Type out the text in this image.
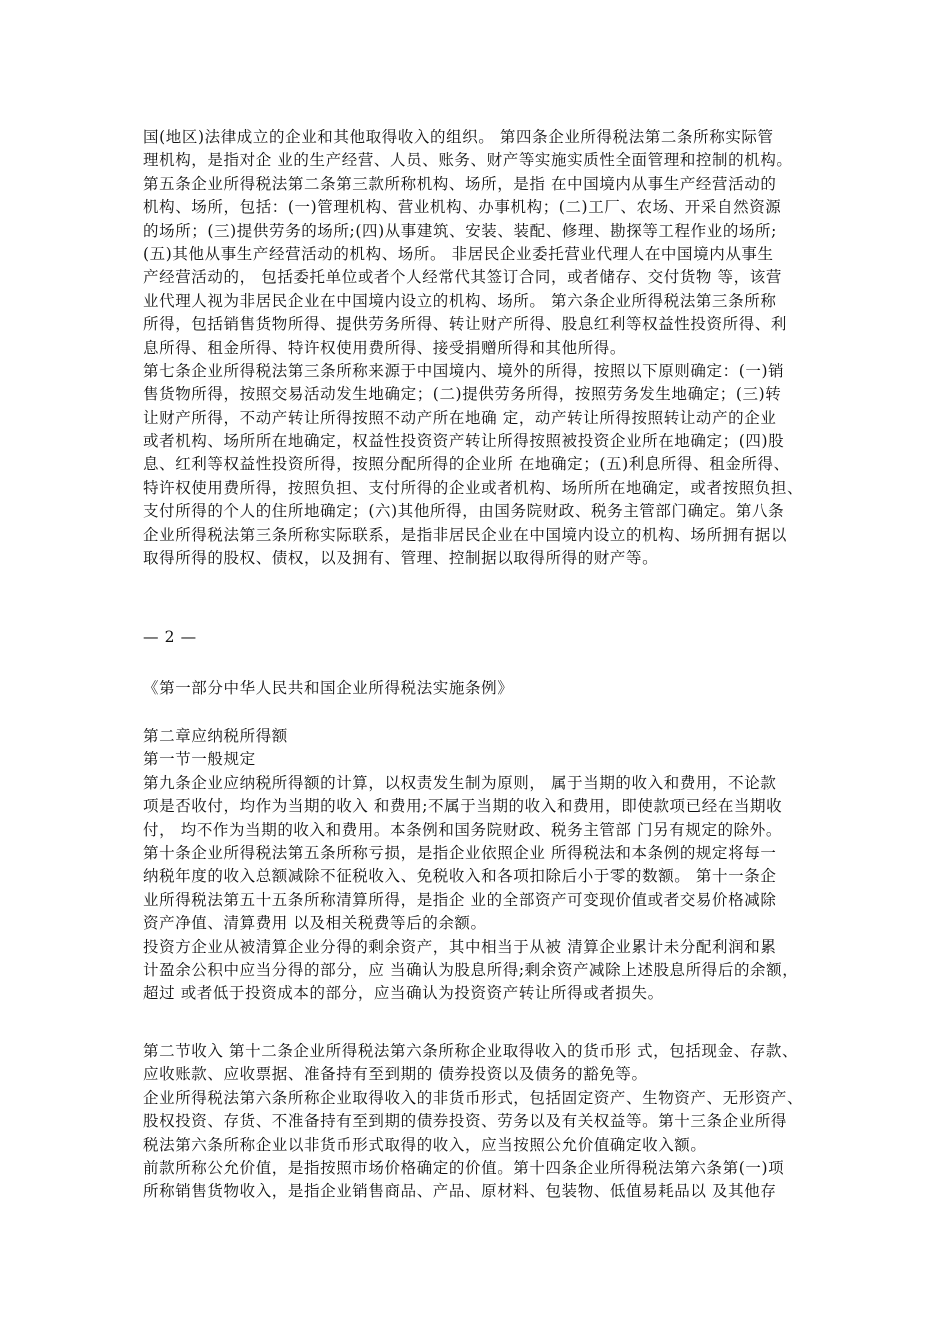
国(地区)法律成立的企业和其他取得收入的组织。 第四条企业所得税法第二条所称实际管
理机构，是指对企 业的生产经营、人员、账务、财产等实施实质性全面管理和控制的机构。
第五条企业所得税法第二条第三款所称机构、场所，是指 在中国境内从事生产经营活动的
机构、场所，包括：(一)管理机构、营业机构、办事机构；(二)工厂、农场、开采自然资源
的场所；(三)提供劳务的场所;(四)从事建筑、安装、装配、修理、勘探等工程作业的场所;
(五)其他从事生产经营活动的机构、场所。 非居民企业委托营业代理人在中国境内从事生
产经营活动的， 包括委托单位或者个人经常代其签订合同，或者储存、交付货物 等，该营
业代理人视为非居民企业在中国境内设立的机构、场所。 第六条企业所得税法第三条所称
所得，包括销售货物所得、提供劳务所得、转让财产所得、股息红利等权益性投资所得、利
息所得、租金所得、特许权使用费所得、接受捐赠所得和其他所得。
第七条企业所得税法第三条所称来源于中国境内、境外的所得，按照以下原则确定：(一)销
售货物所得，按照交易活动发生地确定；(二)提供劳务所得，按照劳务发生地确定；(三)转
让财产所得，不动产转让所得按照不动产所在地确 定，动产转让所得按照转让动产的企业
或者机构、场所所在地确定，权益性投资资产转让所得按照被投资企业所在地确定；(四)股
息、红利等权益性投资所得，按照分配所得的企业所 在地确定；(五)利息所得、租金所得、
特许权使用费所得，按照负担、支付所得的企业或者机构、场所所在地确定，或者按照负担、
支付所得的个人的住所地确定；(六)其他所得，由国务院财政、税务主管部门确定。第八条
企业所得税法第三条所称实际联系，是指非居民企业在中国境内设立的机构、场所拥有据以
取得所得的股权、债权，以及拥有、管理、控制据以取得所得的财产等。
— 2 —
《第一部分中华人民共和国企业所得税法实施条例》
第二章应纳税所得额
第一节一般规定
第九条企业应纳税所得额的计算，以权责发生制为原则， 属于当期的收入和费用，不论款
项是否收付，均作为当期的收入 和费用;不属于当期的收入和费用，即使款项已经在当期收
付， 均不作为当期的收入和费用。本条例和国务院财政、税务主管部 门另有规定的除外。
第十条企业所得税法第五条所称亏损，是指企业依照企业 所得税法和本条例的规定将每一
纳税年度的收入总额减除不征税收入、免税收入和各项扣除后小于零的数额。 第十一条企
业所得税法第五十五条所称清算所得，是指企 业的全部资产可变现价值或者交易价格减除
资产净值、清算费用 以及相关税费等后的余额。
投资方企业从被清算企业分得的剩余资产，其中相当于从被 清算企业累计未分配利润和累
计盈余公积中应当分得的部分，应 当确认为股息所得;剩余资产减除上述股息所得后的余额，
超过 或者低于投资成本的部分，应当确认为投资资产转让所得或者损失。
第二节收入 第十二条企业所得税法第六条所称企业取得收入的货币形 式，包括现金、存款、
应收账款、应收票据、准备持有至到期的 债券投资以及债务的豁免等。
企业所得税法第六条所称企业取得收入的非货币形式，包括固定资产、生物资产、无形资产、
股权投资、存货、不准备持有至到期的债券投资、劳务以及有关权益等。第十三条企业所得
税法第六条所称企业以非货币形式取得的收入，应当按照公允价值确定收入额。
前款所称公允价值，是指按照市场价格确定的价值。第十四条企业所得税法第六条第(一)项
所称销售货物收入，是指企业销售商品、产品、原材料、包装物、低值易耗品以 及其他存
